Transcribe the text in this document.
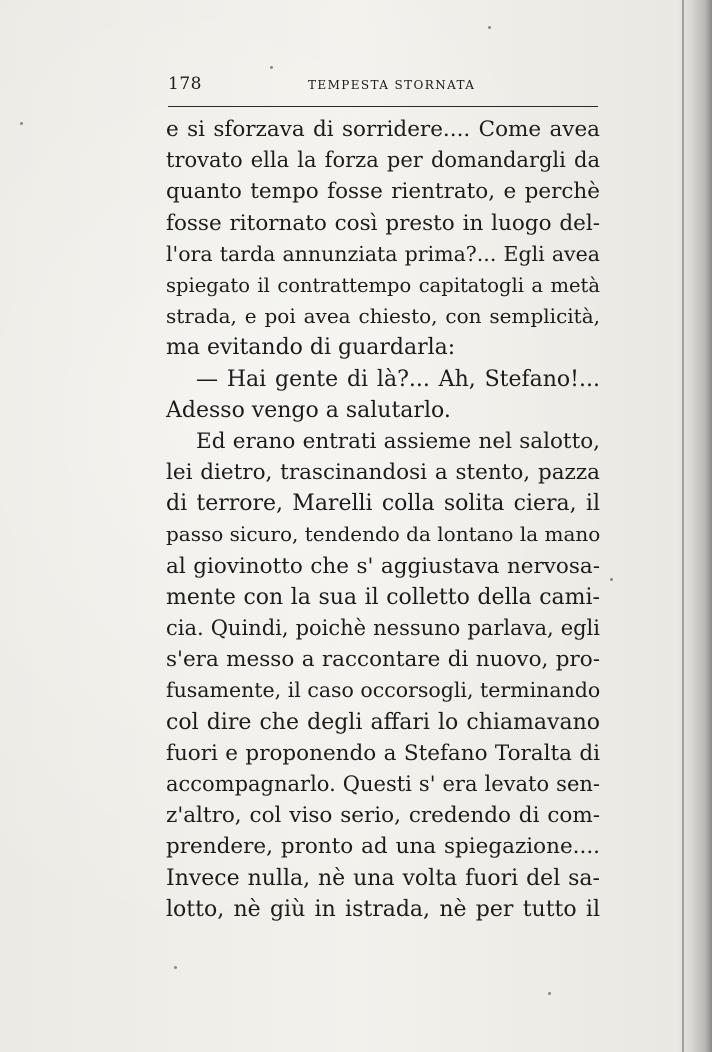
178	TEMPESTA STORNATA
e si sforzava di sorridere.... Come avea
trovato ella la forza per domandargli da
quanto tempo fosse rientrato, e perchè
fosse ritornato così presto in luogo del-
l'ora tarda annunziata prima?... Egli avea
spiegato il contrattempo capitatogli a metà
strada, e poi avea chiesto, con semplicità,
ma evitando di guardarla:
— Hai gente di là?... Ah, Stefano!...
Adesso vengo a salutarlo.
Ed erano entrati assieme nel salotto,
lei dietro, trascinandosi a stento, pazza
di terrore, Marelli colla solita ciera, il
passo sicuro, tendendo da lontano la mano
al giovinotto che s' aggiustava nervosa-
mente con la sua il colletto della cami-
cia. Quindi, poichè nessuno parlava, egli
s'era messo a raccontare di nuovo, pro-
fusamente, il caso occorsogli, terminando
col dire che degli affari lo chiamavano
fuori e proponendo a Stefano Toralta di
accompagnarlo. Questi s' era levato sen-
z'altro, col viso serio, credendo di com-
prendere, pronto ad una spiegazione....
Invece nulla, nè una volta fuori del sa-
lotto, nè giù in istrada, nè per tutto il
